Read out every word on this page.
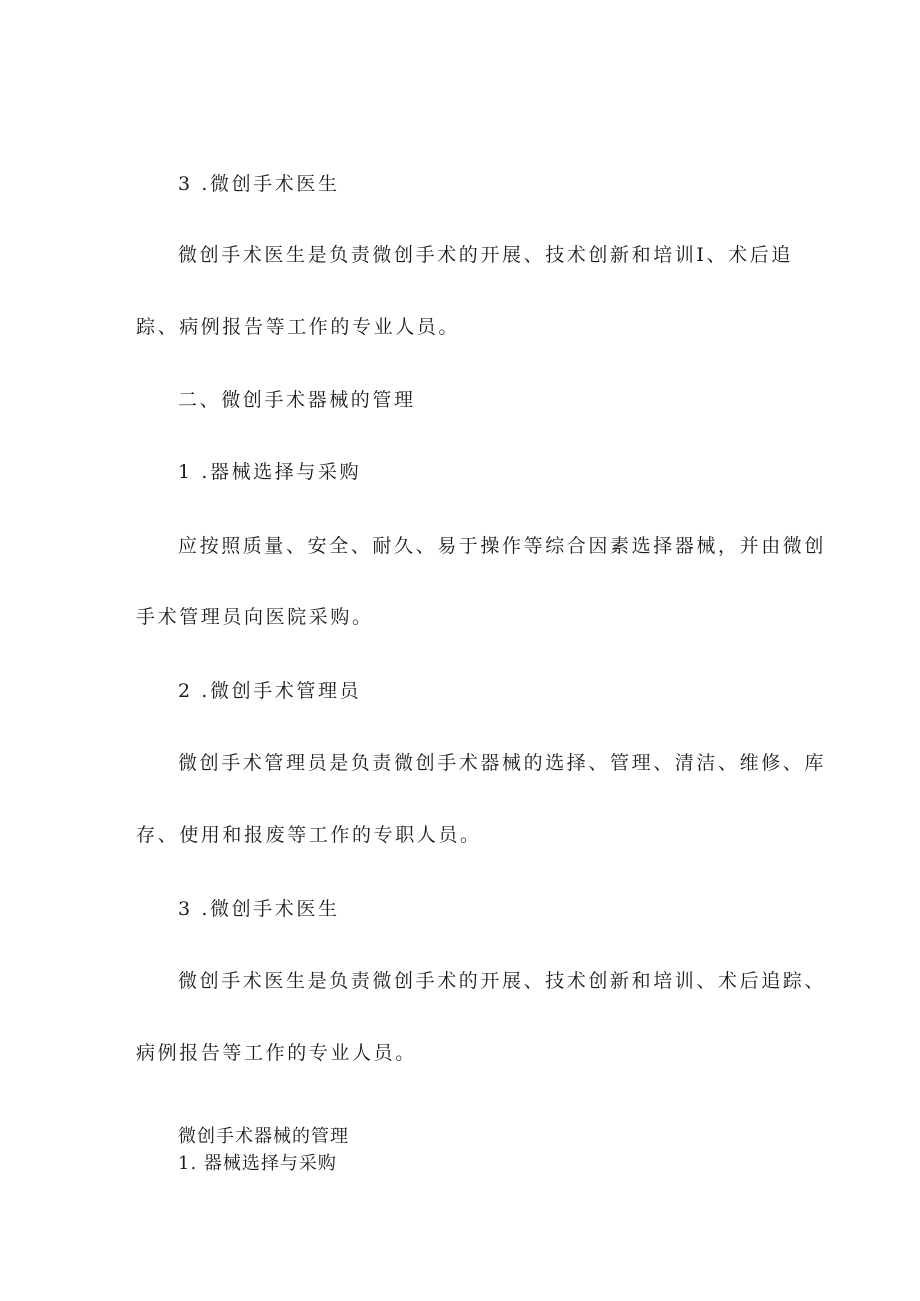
3 .微创手术医生
微创手术医生是负责微创手术的开展、技术创新和培训I、术后追
踪、病例报告等工作的专业人员。
二、微创手术器械的管理
1 .器械选择与采购
应按照质量、安全、耐久、易于操作等综合因素选择器械，并由微创
手术管理员向医院采购。
2 .微创手术管理员
微创手术管理员是负责微创手术器械的选择、管理、清洁、维修、库
存、使用和报废等工作的专职人员。
3 .微创手术医生
微创手术医生是负责微创手术的开展、技术创新和培训、术后追踪、
病例报告等工作的专业人员。
微创手术器械的管理
1. 器械选择与采购
